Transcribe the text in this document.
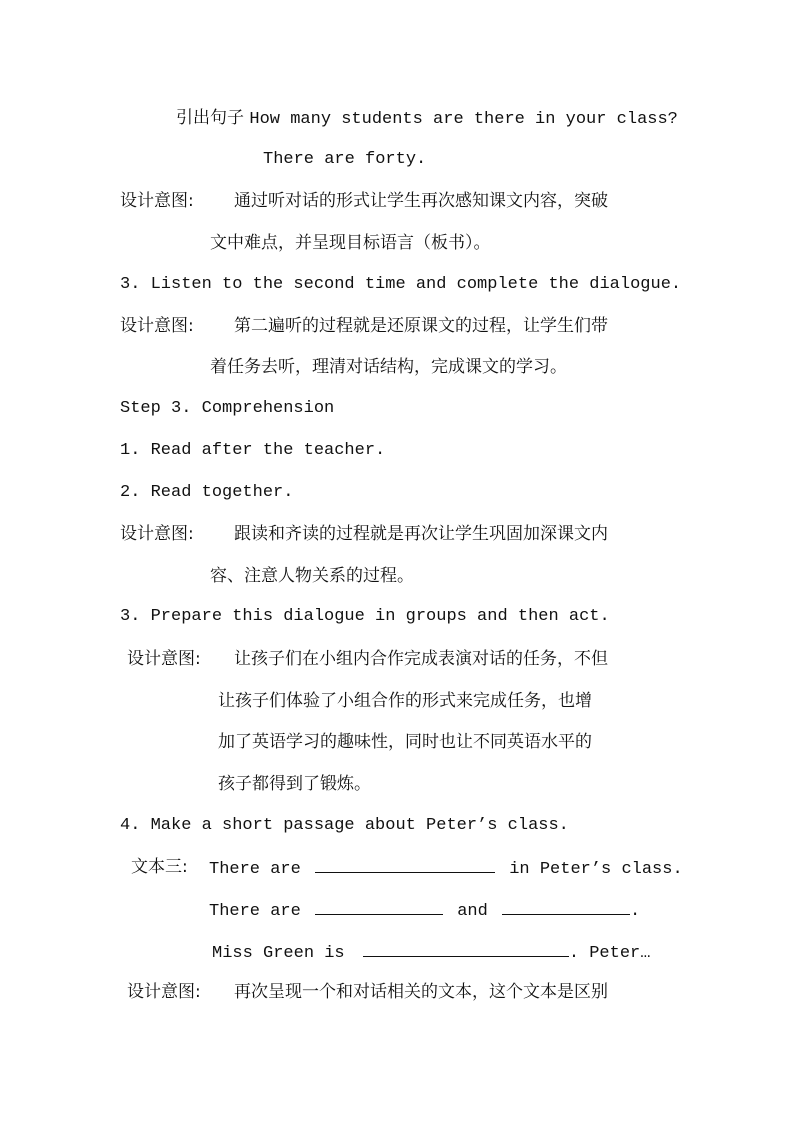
引出句子 How many students are there in your class?
There are forty.
设计意图: 通过听对话的形式让学生再次感知课文内容，突破
文中难点，并呈现目标语言（板书）。
3. Listen to the second time and complete the dialogue.
设计意图: 第二遍听的过程就是还原课文的过程，让学生们带
着任务去听，理清对话结构，完成课文的学习。
Step 3. Comprehension
1. Read after the teacher.
2. Read together.
设计意图: 跟读和齐读的过程就是再次让学生巩固加深课文内
容、注意人物关系的过程。
3. Prepare this dialogue in groups and then act.
设计意图: 让孩子们在小组内合作完成表演对话的任务，不但
让孩子们体验了小组合作的形式来完成任务，也增
加了英语学习的趣味性，同时也让不同英语水平的
孩子都得到了锻炼。
4. Make a short passage about Peter’s class.
文本三: There are	in Peter’s class.
There are	and	.
Miss Green is	. Peter…
设计意图: 再次呈现一个和对话相关的文本，这个文本是区别
